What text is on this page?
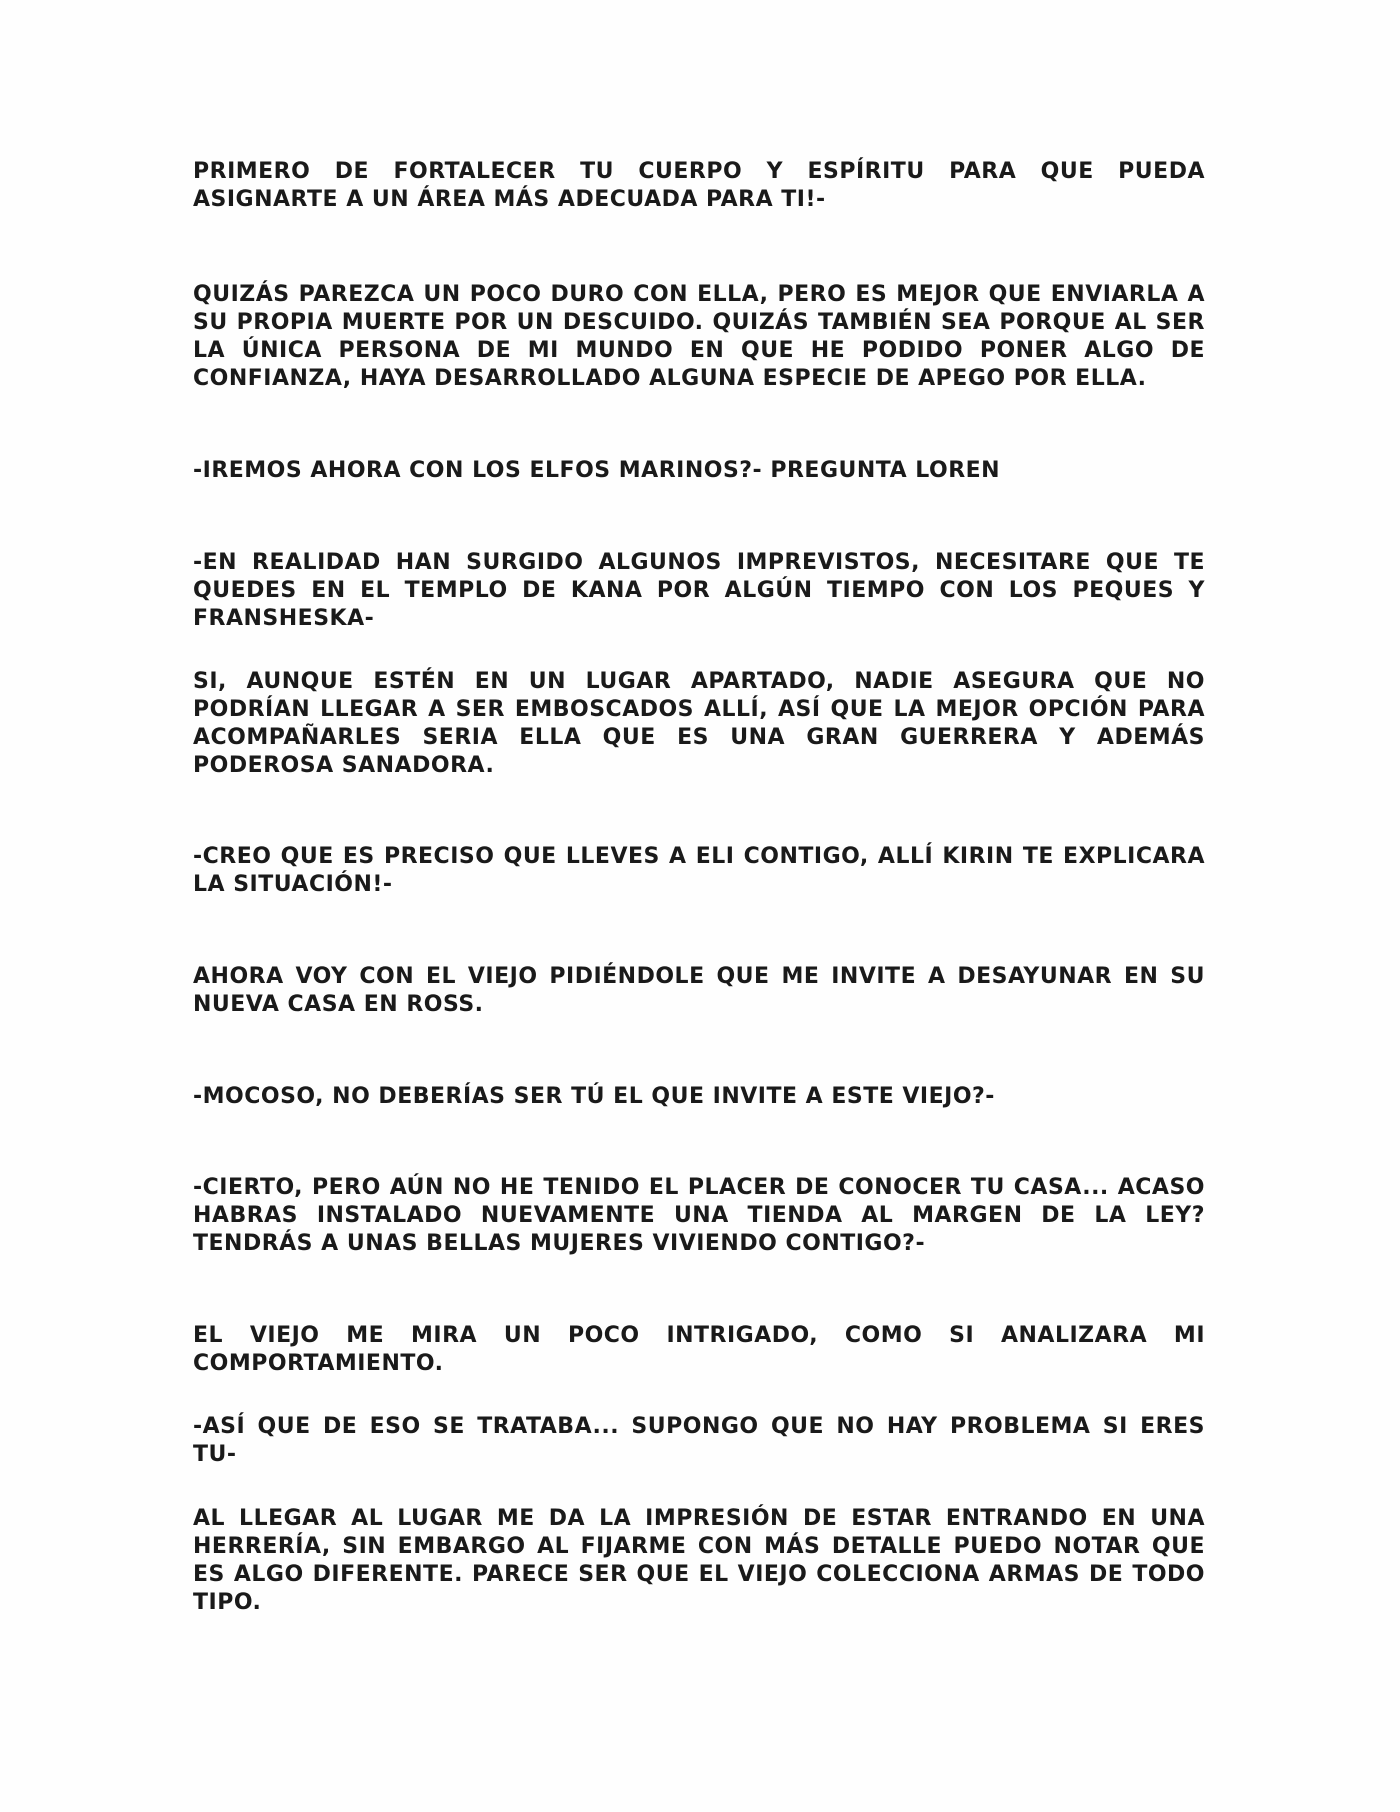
PRIMERO DE FORTALECER TU CUERPO Y ESPÍRITU PARA QUE PUEDA ASIGNARTE A UN ÁREA MÁS ADECUADA PARA TI!-

QUIZÁS PAREZCA UN POCO DURO CON ELLA, PERO ES MEJOR QUE ENVIARLA A SU PROPIA MUERTE POR UN DESCUIDO. QUIZÁS TAMBIÉN SEA PORQUE AL SER LA ÚNICA PERSONA DE MI MUNDO EN QUE HE PODIDO PONER ALGO DE CONFIANZA, HAYA DESARROLLADO ALGUNA ESPECIE DE APEGO POR ELLA.

-IREMOS AHORA CON LOS ELFOS MARINOS?- PREGUNTA LOREN

-EN REALIDAD HAN SURGIDO ALGUNOS IMPREVISTOS, NECESITARE QUE TE QUEDES EN EL TEMPLO DE KANA POR ALGÚN TIEMPO CON LOS PEQUES Y FRANSHESKA-

SI, AUNQUE ESTÉN EN UN LUGAR APARTADO, NADIE ASEGURA QUE NO PODRÍAN LLEGAR A SER EMBOSCADOS ALLÍ, ASÍ QUE LA MEJOR OPCIÓN PARA ACOMPAÑARLES SERIA ELLA QUE ES UNA GRAN GUERRERA Y ADEMÁS PODEROSA SANADORA.

-CREO QUE ES PRECISO QUE LLEVES A ELI CONTIGO, ALLÍ KIRIN TE EXPLICARA LA SITUACIÓN!-

AHORA VOY CON EL VIEJO PIDIÉNDOLE QUE ME INVITE A DESAYUNAR EN SU NUEVA CASA EN ROSS.

-MOCOSO, NO DEBERÍAS SER TÚ EL QUE INVITE A ESTE VIEJO?-

-CIERTO, PERO AÚN NO HE TENIDO EL PLACER DE CONOCER TU CASA... ACASO HABRAS INSTALADO NUEVAMENTE UNA TIENDA AL MARGEN DE LA LEY? TENDRÁS A UNAS BELLAS MUJERES VIVIENDO CONTIGO?-

EL VIEJO ME MIRA UN POCO INTRIGADO, COMO SI ANALIZARA MI COMPORTAMIENTO.

-ASÍ QUE DE ESO SE TRATABA... SUPONGO QUE NO HAY PROBLEMA SI ERES TU-

AL LLEGAR AL LUGAR ME DA LA IMPRESIÓN DE ESTAR ENTRANDO EN UNA HERRERÍA, SIN EMBARGO AL FIJARME CON MÁS DETALLE PUEDO NOTAR QUE ES ALGO DIFERENTE. PARECE SER QUE EL VIEJO COLECCIONA ARMAS DE TODO TIPO.
